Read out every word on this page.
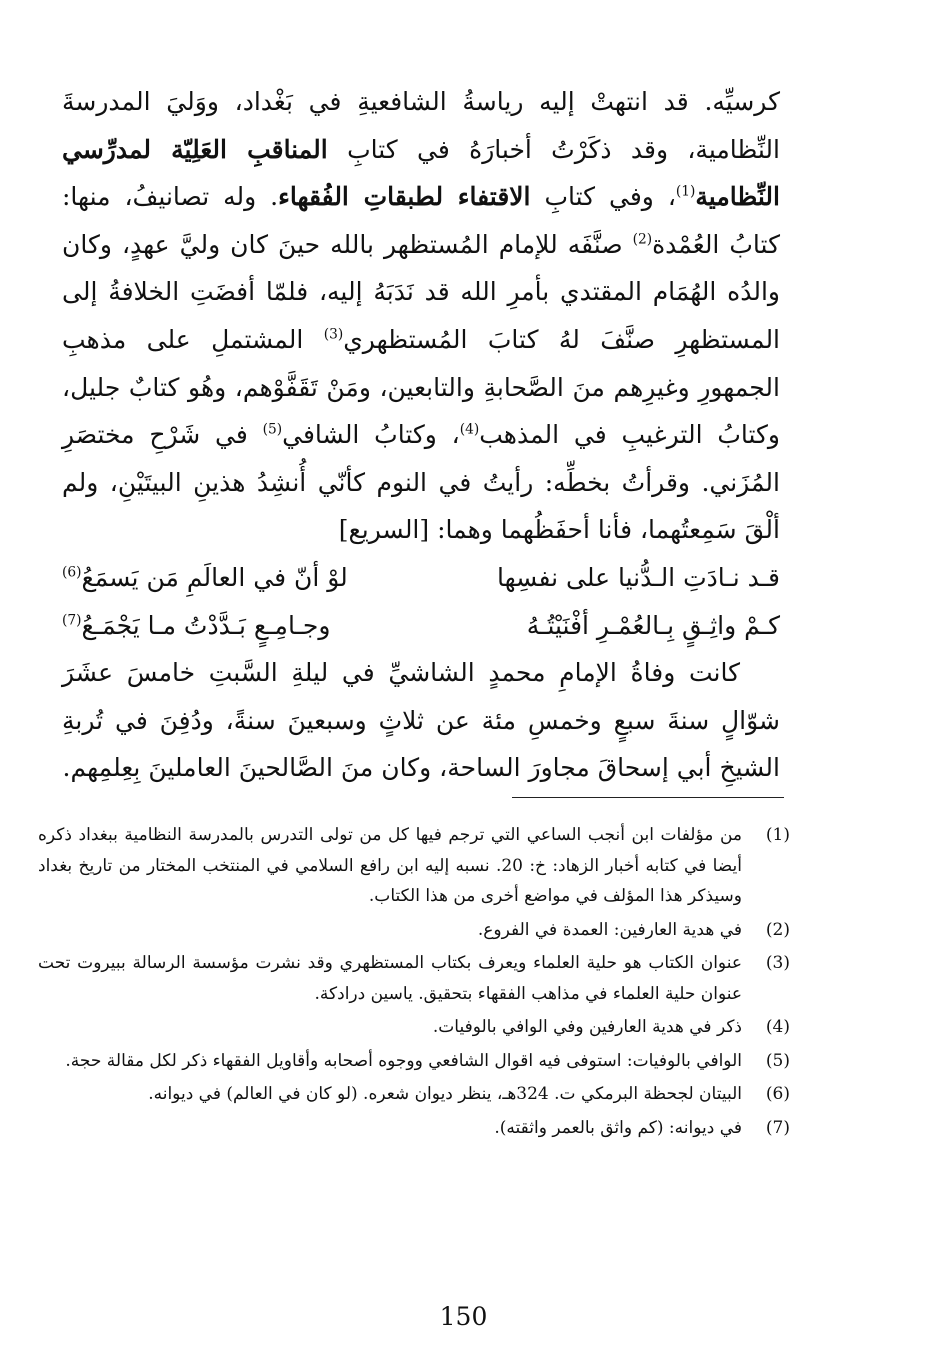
كرسيِّه. قد انتهتْ إليه رياسةُ الشافعيةِ في بَغْداد، ووَليَ المدرسةَ النِّظامية، وقد ذكَرْتُ أخبارَهُ في كتابِ المناقبِ العَلِيّة لمدرِّسي النِّظامية$^{(1)}$، وفي كتابِ الاقتفاء لطبقاتِ الفُقهاء. وله تصانيفُ، منها: كتابُ العُمْدة$^{(2)}$ صنَّفَه للإمام المُستظهر بالله حينَ كان وليَّ عهدٍ، وكان والدُه الهُمَام المقتدي بأمرِ الله قد نَدَبَهُ إليه، فلمّا أفضَتِ الخلافةُ إلى المستظهرِ صنَّفَ لهُ كتابَ المُستظهري$^{(3)}$ المشتملِ على مذهبِ الجمهورِ وغيرِهم منَ الصَّحابةِ والتابعين، ومَنْ تَقَفَّوْهم، وهُو كتابٌ جليل، وكتابُ الترغيبِ في المذهب$^{(4)}$، وكتابُ الشافي$^{(5)}$ في شَرْحِ مختصَرِ المُزَني. وقرأتُ بخطِّه: رأيتُ في النوم كأنّي أُنشِدُ هذينِ البيتَيْنِ، ولم ألْقَ سَمِعتُهما، فأنا أحفَظُهما وهما: [السريع]

قـد نـادَتِ الـدُّنيا على نفسِها
لوْ أنّ في العالَمِ مَن يَسمَعُ$^{(6)}$
كـمْ واثِـقٍ بِـالعُمْـرِ أفْنَيْتُـهُ
وجـامِـعٍ بَـدَّدْتُ مـا يَجْمَـعُ$^{(7)}$

كانت وفاةُ الإمامِ محمدٍ الشاشيِّ في ليلةِ السَّبتِ خامسَ عشَرَ شوّالٍ سنةَ سبعٍ وخمسِ مئة عن ثلاثٍ وسبعينَ سنةً، ودُفِنَ في تُربةِ الشيخِ أبي إسحاقَ مجاورَ الساحة، وكان منَ الصَّالحينَ العاملينَ بِعِلمِهم.

(1)
من مؤلفات ابن أنجب الساعي التي ترجم فيها كل من تولى التدرس بالمدرسة النظامية ببغداد ذكره أيضا في كتابه أخبار الزهاد: خ: 20. نسبه إليه ابن رافع السلامي في المنتخب المختار من تاريخ بغداد وسيذكر هذا المؤلف في مواضع أخرى من هذا الكتاب.
(2)
في هدية العارفين: العمدة في الفروع.
(3)
عنوان الكتاب هو حلية العلماء ويعرف بكتاب المستظهري وقد نشرت مؤسسة الرسالة ببيروت تحت عنوان حلية العلماء في مذاهب الفقهاء بتحقيق. ياسين درادكة.
(4)
ذكر في هدية العارفين وفي الوافي بالوفيات.
(5)
الوافي بالوفيات: استوفى فيه اقوال الشافعي ووجوه أصحابه وأقاويل الفقهاء ذكر لكل مقالة حجة.
(6)
البيتان لجحظة البرمكي ت. 324هـ، ينظر ديوان شعره. (لو كان في العالم) في ديوانه.
(7)
في ديوانه: (كم واثق بالعمر واثقته).
150
